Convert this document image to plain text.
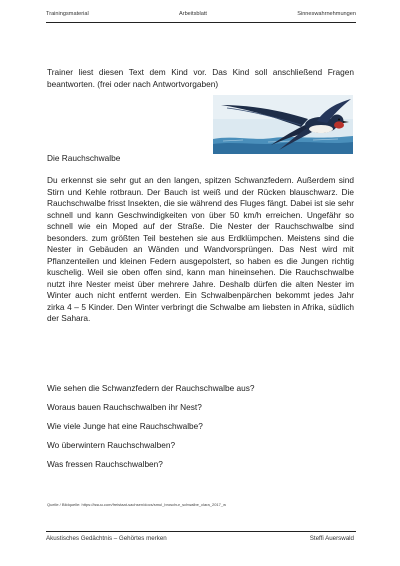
Trainingsmaterial	Arbeitsblatt	Sinneswahrnehmungen
Trainer liest diesen Text dem Kind vor. Das Kind soll anschließend Fragen beantworten. (frei oder nach Antwortvorgaben)
Die Rauchschwalbe
Du erkennst sie sehr gut an den langen, spitzen Schwanzfedern. Außerdem sind Stirn und Kehle rotbraun. Der Bauch ist weiß und der Rücken blauschwarz. Die Rauchschwalbe frisst Insekten, die sie während des Fluges fängt. Dabei ist sie sehr schnell und kann Geschwindigkeiten von über 50 km/h erreichen. Ungefähr so schnell wie ein Moped auf der Straße. Die Nester der Rauchschwalbe sind besonders. zum größten Teil bestehen sie aus Erdklümpchen. Meistens sind die Nester in Gebäuden an Wänden und Wandvorsprüngen. Das Nest wird mit Pflanzenteilen und kleinen Federn ausgepolstert, so haben es die Jungen richtig kuschelig. Weil sie oben offen sind, kann man hineinsehen. Die Rauchschwalbe nutzt ihre Nester meist über mehrere Jahre. Deshalb dürfen die alten Nester im Winter auch nicht entfernt werden. Ein Schwalbenpärchen bekommt jedes Jahr zirka 4 – 5 Kinder. Den Winter verbringt die Schwalbe am liebsten in Afrika, südlich der Sahara.
Wie sehen die Schwanzfedern der Rauchschwalbe aus?
Woraus bauen Rauchschwalben ihr Nest?
Wie viele Junge hat eine Rauchschwalbe?
Wo überwintern Rauchschwalben?
Was fressen Rauchschwalben?
Quelle / Bildquelle: https://issuu.com/freistaat-sachsen/docs/smul_broschur_schwalbe_clara_2017_w
Akustisches Gedächtnis – Gehörtes merken	Steffi Auerswald
